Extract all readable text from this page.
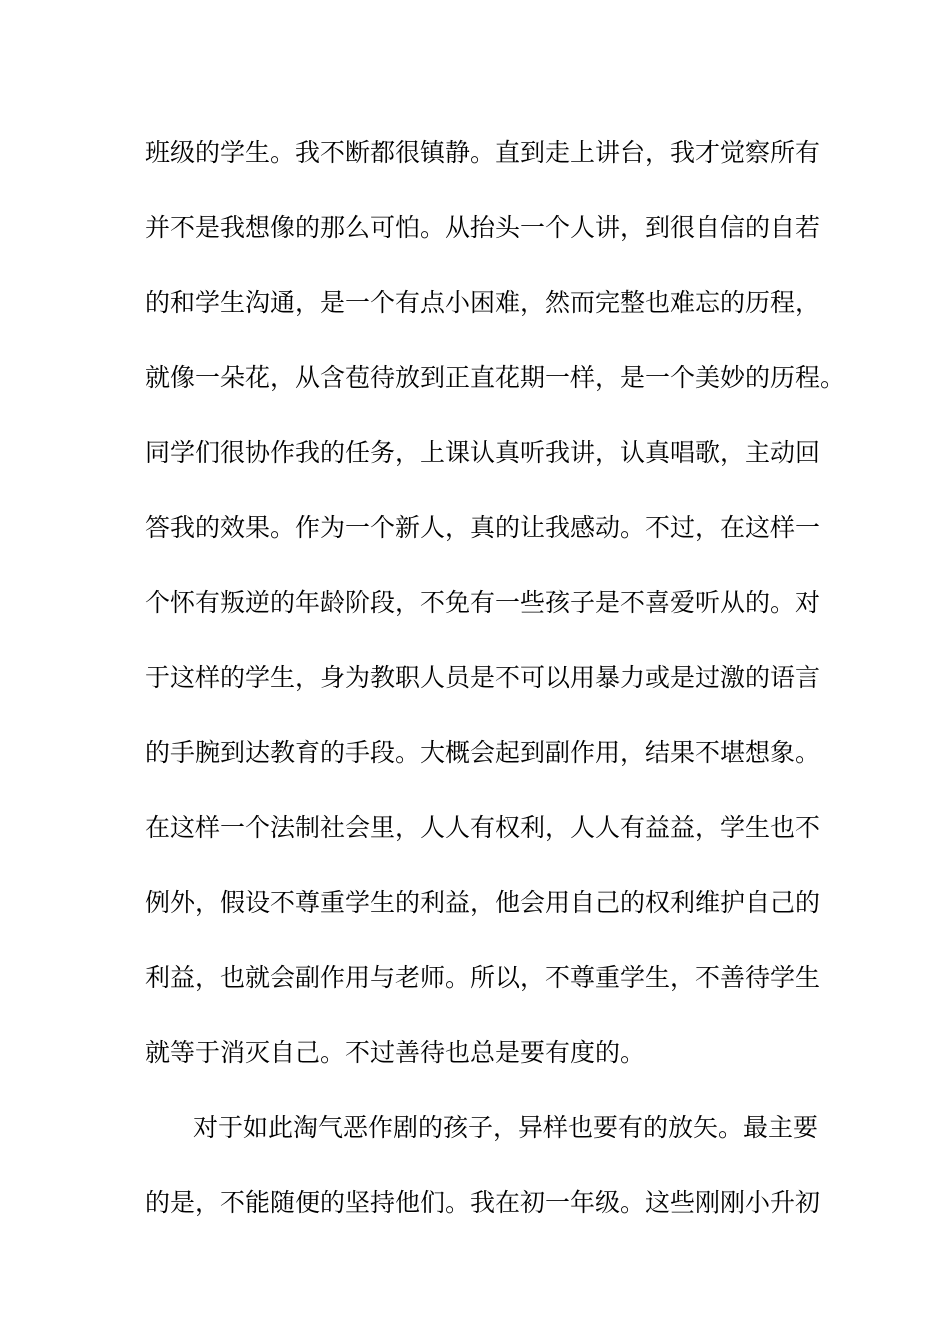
班级的学生。我不断都很镇静。直到走上讲台，我才觉察所有
并不是我想像的那么可怕。从抬头一个人讲，到很自信的自若
的和学生沟通，是一个有点小困难，然而完整也难忘的历程，
就像一朵花，从含苞待放到正直花期一样，是一个美妙的历程。
同学们很协作我的任务，上课认真听我讲，认真唱歌，主动回
答我的效果。作为一个新人，真的让我感动。不过，在这样一
个怀有叛逆的年龄阶段，不免有一些孩子是不喜爱听从的。对
于这样的学生，身为教职人员是不可以用暴力或是过激的语言
的手腕到达教育的手段。大概会起到副作用，结果不堪想象。
在这样一个法制社会里，人人有权利，人人有益益，学生也不
例外，假设不尊重学生的利益，他会用自己的权利维护自己的
利益，也就会副作用与老师。所以，不尊重学生，不善待学生
就等于消灭自己。不过善待也总是要有度的。
对于如此淘气恶作剧的孩子，异样也要有的放矢。最主要
的是，不能随便的坚持他们。我在初一年级。这些刚刚小升初
